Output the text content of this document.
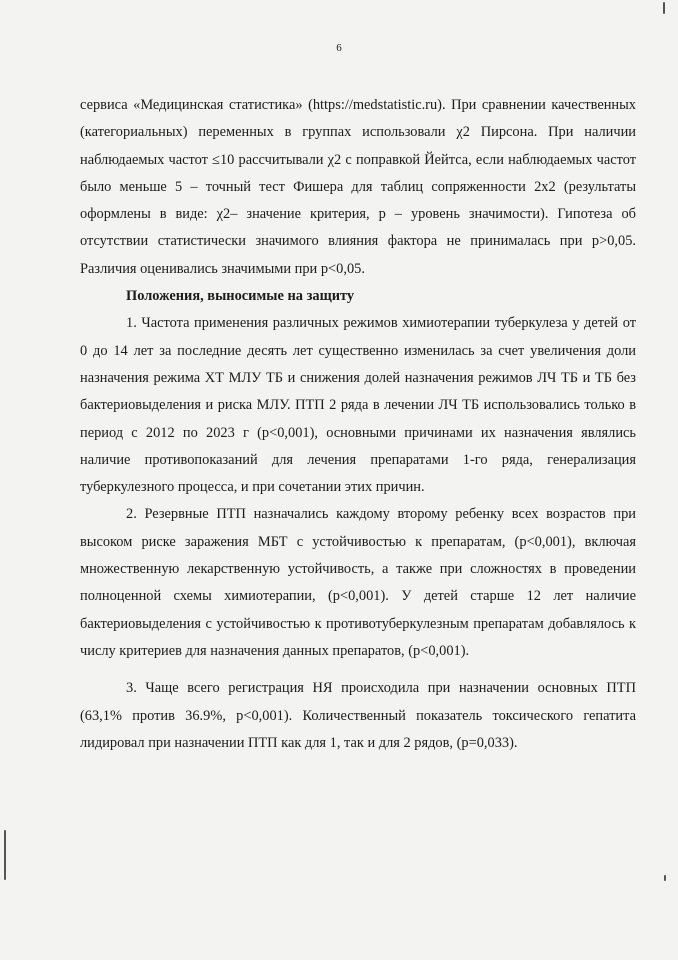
6

сервиса «Медицинская статистика» (https://medstatistic.ru). При сравнении качественных (категориальных) переменных в группах использовали χ2 Пирсона. При наличии наблюдаемых частот ≤10 рассчитывали χ2 с поправкой Йейтса, если наблюдаемых частот было меньше 5 – точный тест Фишера для таблиц сопряженности 2х2 (результаты оформлены в виде: χ2– значение критерия, р – уровень значимости). Гипотеза об отсутствии статистически значимого влияния фактора не принималась при р>0,05. Различия оценивались значимыми при р<0,05.

Положения, выносимые на защиту

1. Частота применения различных режимов химиотерапии туберкулеза у детей от 0 до 14 лет за последние десять лет существенно изменилась за счет увеличения доли назначения режима ХТ МЛУ ТБ и снижения долей назначения режимов ЛЧ ТБ и ТБ без бактериовыделения и риска МЛУ. ПТП 2 ряда в лечении ЛЧ ТБ использовались только в период с 2012 по 2023 г (р<0,001), основными причинами их назначения являлись наличие противопоказаний для лечения препаратами 1-го ряда, генерализация туберкулезного процесса, и при сочетании этих причин.

2. Резервные ПТП назначались каждому второму ребенку всех возрастов при высоком риске заражения МБТ с устойчивостью к препаратам, (р<0,001), включая множественную лекарственную устойчивость, а также при сложностях в проведении полноценной схемы химиотерапии, (р<0,001). У детей старше 12 лет наличие бактериовыделения с устойчивостью к противотуберкулезным препаратам добавлялось к числу критериев для назначения данных препаратов, (р<0,001).

3. Чаще всего регистрация НЯ происходила при назначении основных ПТП (63,1% против 36.9%, р<0,001). Количественный показатель токсического гепатита лидировал при назначении ПТП как для 1, так и для 2 рядов, (р=0,033).
